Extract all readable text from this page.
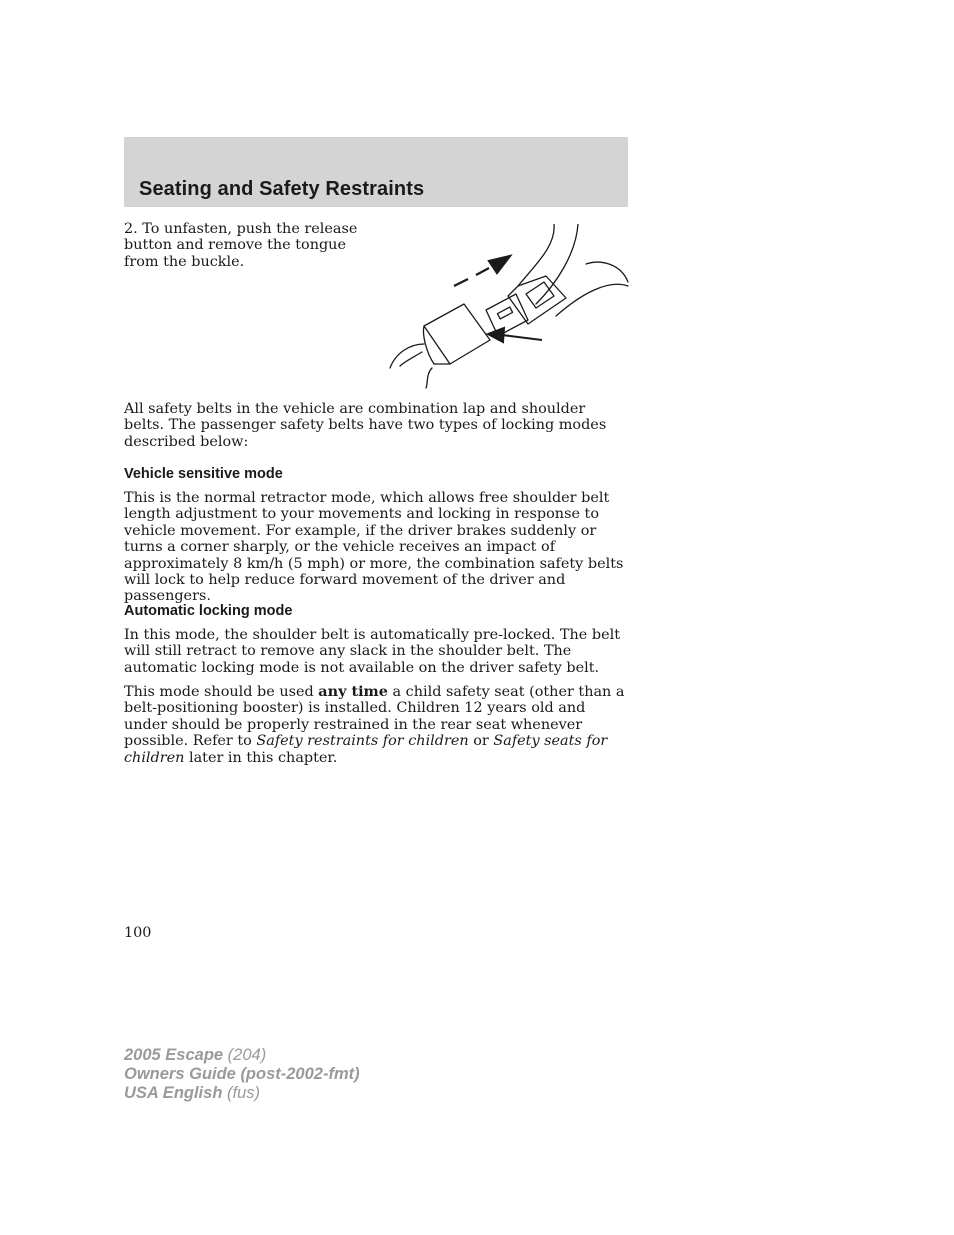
Seating and Safety Restraints

2. To unfasten, push the release button and remove the tongue from the buckle.

All safety belts in the vehicle are combination lap and shoulder belts. The passenger safety belts have two types of locking modes described below:

Vehicle sensitive mode

This is the normal retractor mode, which allows free shoulder belt length adjustment to your movements and locking in response to vehicle movement. For example, if the driver brakes suddenly or turns a corner sharply, or the vehicle receives an impact of approximately 8 km/h (5 mph) or more, the combination safety belts will lock to help reduce forward movement of the driver and passengers.

Automatic locking mode

In this mode, the shoulder belt is automatically pre-locked. The belt will still retract to remove any slack in the shoulder belt. The automatic locking mode is not available on the driver safety belt.

This mode should be used any time a child safety seat (other than a belt-positioning booster) is installed. Children 12 years old and under should be properly restrained in the rear seat whenever possible. Refer to Safety restraints for children or Safety seats for children later in this chapter.

100
2005 Escape (204)
Owners Guide (post-2002-fmt)
USA English (fus)
